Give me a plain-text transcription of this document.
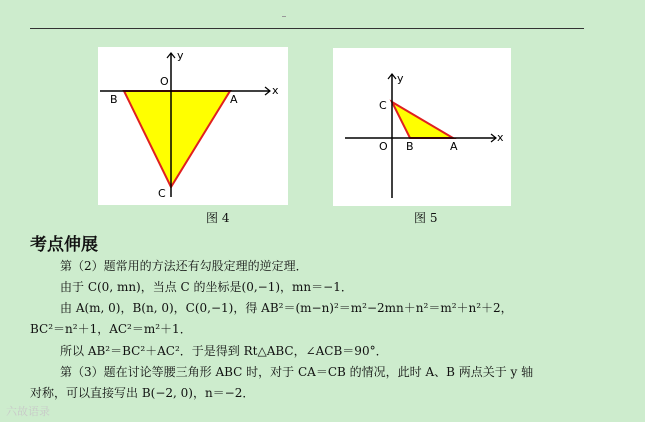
y
x
O
B	A
C
图 4
y
x
O B	A
C
图 5
考点伸展
第（2）题常用的方法还有勾股定理的逆定理．
由于 C(0, mn)，当点 C 的坐标是(0,−1)，mn＝−1．
由 A(m, 0)，B(n, 0)，C(0,−1)，得 AB²＝(m−n)²＝m²−2mn＋n²＝m²＋n²＋2，
BC²＝n²＋1，AC²＝m²＋1．
所以 AB²＝BC²＋AC²．于是得到 Rt△ABC，∠ACB＝90°．
第（3）题在讨论等腰三角形 ABC 时，对于 CA＝CB 的情况，此时 A、B 两点关于 y 轴
对称，可以直接写出 B(−2, 0)，n＝−2．
六故语录
